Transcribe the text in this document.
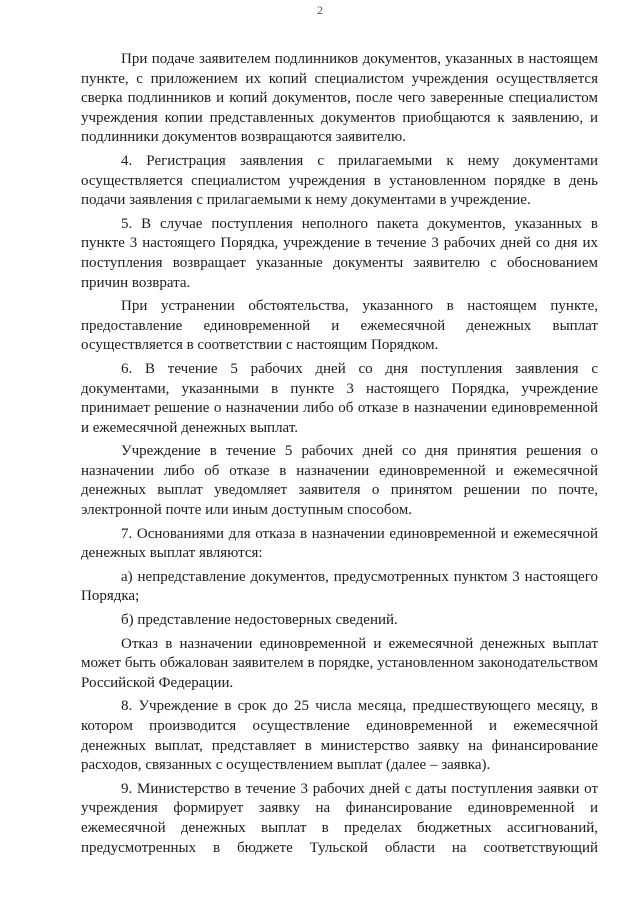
2

При подаче заявителем подлинников документов, указанных в настоящем пункте, с приложением их копий специалистом учреждения осуществляется сверка подлинников и копий документов, после чего заверенные специалистом учреждения копии представленных документов приобщаются к заявлению, и подлинники документов возвращаются заявителю.

4. Регистрация заявления с прилагаемыми к нему документами осуществляется специалистом учреждения в установленном порядке в день подачи заявления с прилагаемыми к нему документами в учреждение.

5. В случае поступления неполного пакета документов, указанных в пункте 3 настоящего Порядка, учреждение в течение 3 рабочих дней со дня их поступления возвращает указанные документы заявителю с обоснованием причин возврата.

При устранении обстоятельства, указанного в настоящем пункте, предоставление единовременной и ежемесячной денежных выплат осуществляется в соответствии с настоящим Порядком.

6. В течение 5 рабочих дней со дня поступления заявления с документами, указанными в пункте 3 настоящего Порядка, учреждение принимает решение о назначении либо об отказе в назначении единовременной и ежемесячной денежных выплат.

Учреждение в течение 5 рабочих дней со дня принятия решения о назначении либо об отказе в назначении единовременной и ежемесячной денежных выплат уведомляет заявителя о принятом решении по почте, электронной почте или иным доступным способом.

7. Основаниями для отказа в назначении единовременной и ежемесячной денежных выплат являются:

а) непредставление документов, предусмотренных пунктом 3 настоящего Порядка;

б) представление недостоверных сведений.

Отказ в назначении единовременной и ежемесячной денежных выплат может быть обжалован заявителем в порядке, установленном законодательством Российской Федерации.

8. Учреждение в срок до 25 числа месяца, предшествующего месяцу, в котором производится осуществление единовременной и ежемесячной денежных выплат, представляет в министерство заявку на финансирование расходов, связанных с осуществлением выплат (далее – заявка).

9. Министерство в течение 3 рабочих дней с даты поступления заявки от учреждения формирует заявку на финансирование единовременной и ежемесячной денежных выплат в пределах бюджетных ассигнований, предусмотренных в бюджете Тульской области на соответствующий
